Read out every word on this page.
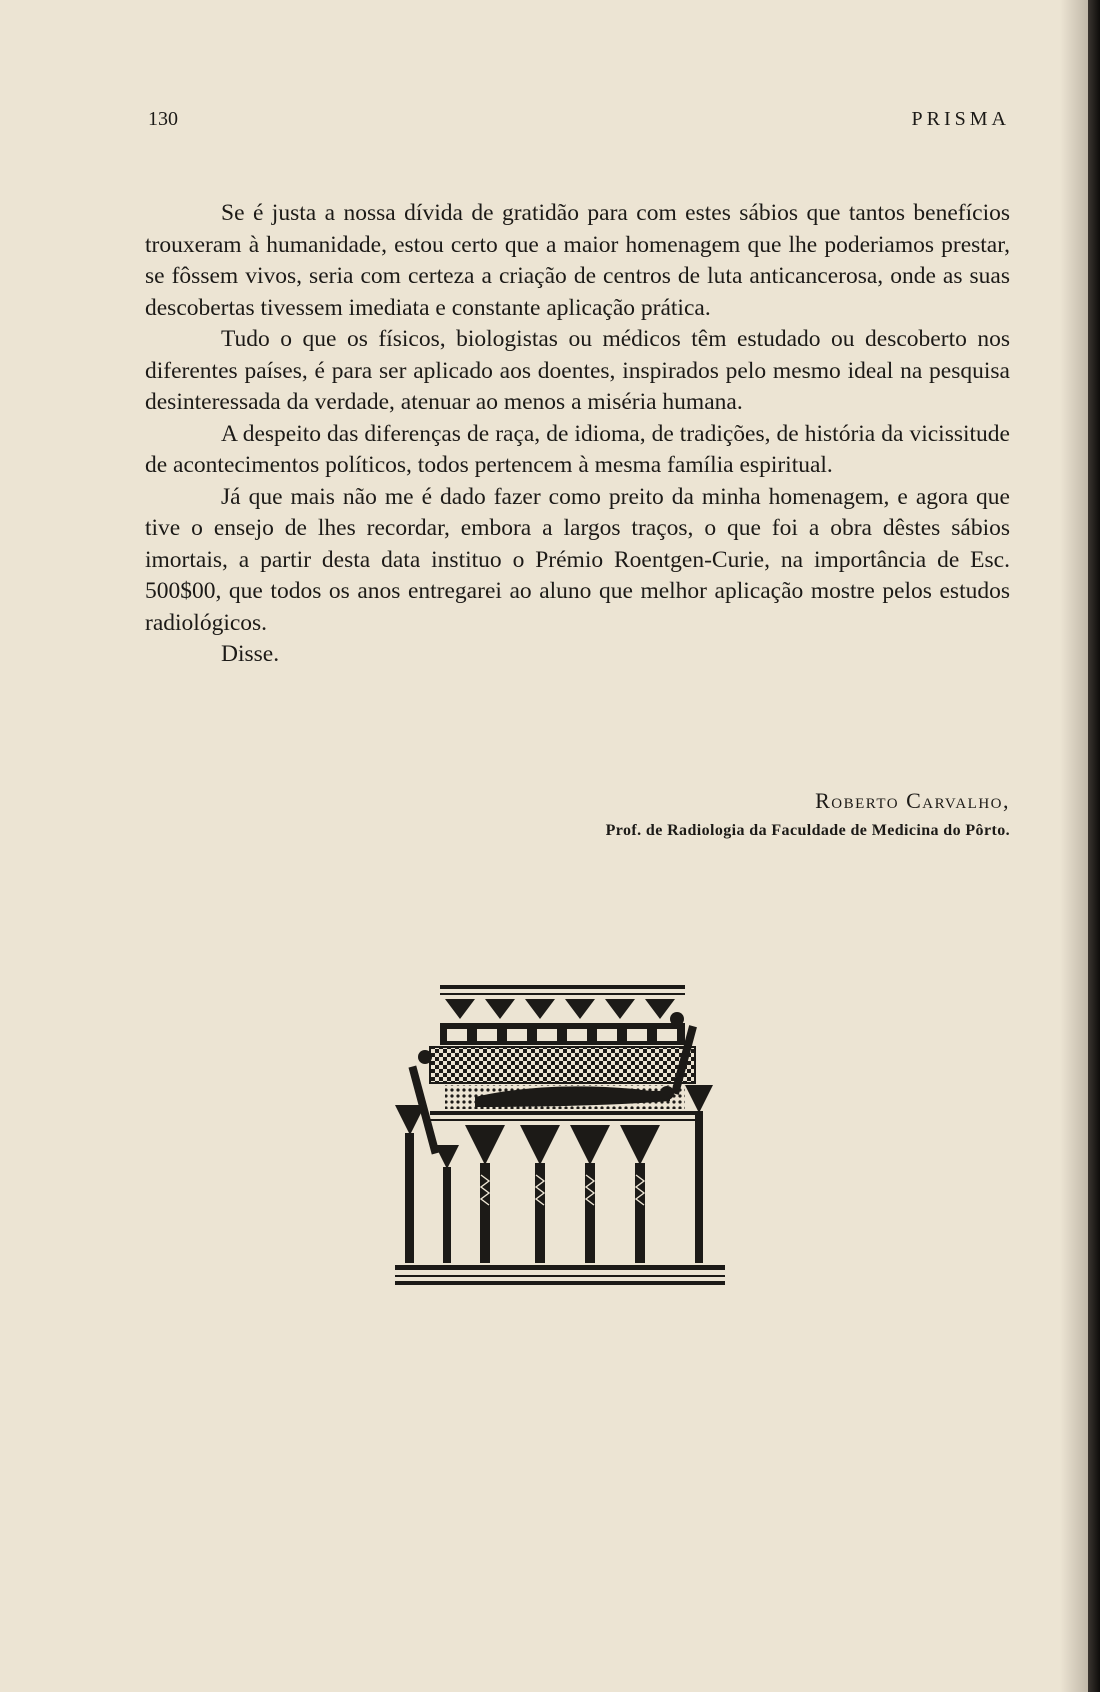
130	PRISMA

Se é justa a nossa dívida de gratidão para com estes sábios que tantos benefícios trouxeram à humanidade, estou certo que a maior homenagem que lhe poderiamos prestar, se fôssem vivos, seria com certeza a criação de centros de luta anticancerosa, onde as suas descobertas tivessem imediata e constante aplicação prática.

Tudo o que os físicos, biologistas ou médicos têm estudado ou descoberto nos diferentes países, é para ser aplicado aos doentes, inspirados pelo mesmo ideal na pesquisa desinteressada da verdade, atenuar ao menos a miséria humana.

A despeito das diferenças de raça, de idioma, de tradições, de história da vicissitude de acontecimentos políticos, todos pertencem à mesma família espiritual.

Já que mais não me é dado fazer como preito da minha homenagem, e agora que tive o ensejo de lhes recordar, embora a largos traços, o que foi a obra dêstes sábios imortais, a partir desta data instituo o Prémio Roentgen-Curie, na importância de Esc. 500$00, que todos os anos entregarei ao aluno que melhor aplicação mostre pelos estudos radiológicos.

Disse.

Roberto Carvalho,
Prof. de Radiologia da Faculdade de Medicina do Pôrto.
